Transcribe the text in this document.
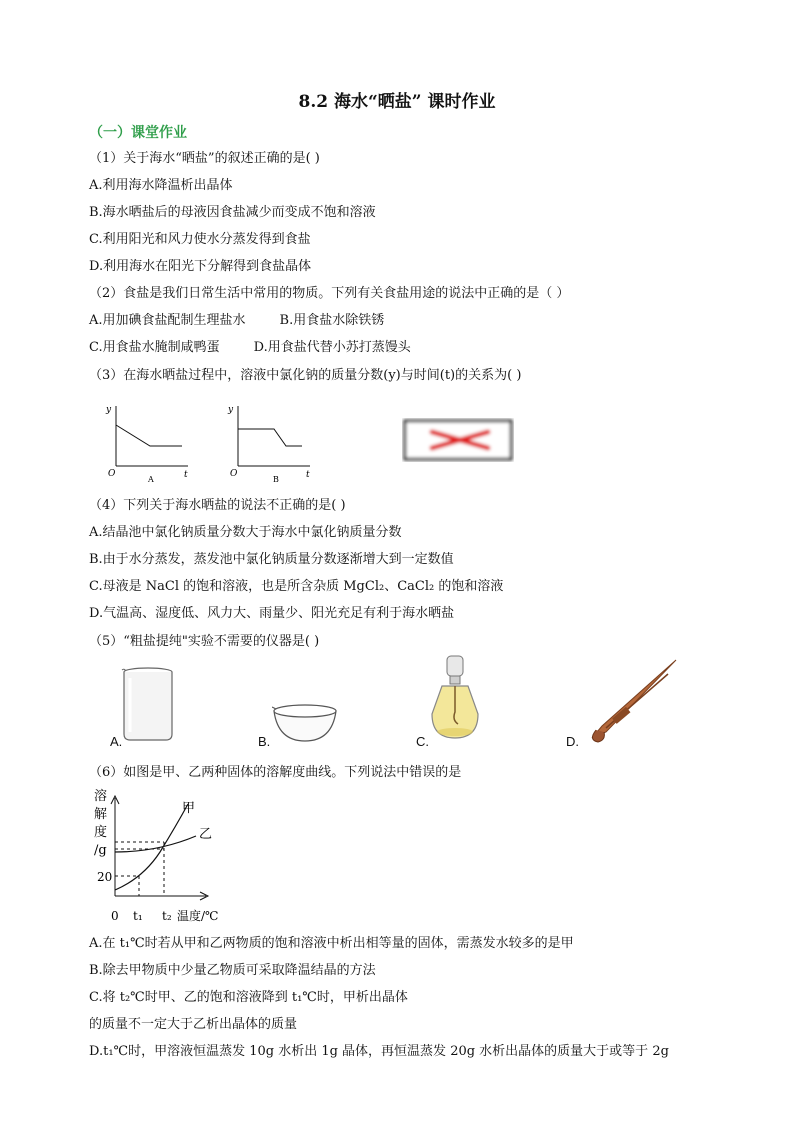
8.2 海水“晒盐” 课时作业
（一）课堂作业
（1）关于海水“晒盐”的叙述正确的是( )
A.利用海水降温析出晶体
B.海水晒盐后的母液因食盐减少而变成不饱和溶液
C.利用阳光和风力使水分蒸发得到食盐
D.利用海水在阳光下分解得到食盐晶体
（2）食盐是我们日常生活中常用的物质。下列有关食盐用途的说法中正确的是（ ）
A.用加碘食盐配制生理盐水	B.用食盐水除铁锈
C.用食盐水腌制咸鸭蛋	D.用食盐代替小苏打蒸馒头
（3）在海水晒盐过程中，溶液中氯化钠的质量分数(y)与时间(t)的关系为( )
y
O	t
A
y
O	t
B
（4）下列关于海水晒盐的说法不正确的是( )
A.结晶池中氯化钠质量分数大于海水中氯化钠质量分数
B.由于水分蒸发，蒸发池中氯化钠质量分数逐渐增大到一定数值
C.母液是 NaCl 的饱和溶液，也是所含杂质 MgCl₂、CaCl₂ 的饱和溶液
D.气温高、湿度低、风力大、雨量少、阳光充足有利于海水晒盐
（5）“粗盐提纯"实验不需要的仪器是( )
A.	B.	C.	D.
（6）如图是甲、乙两种固体的溶解度曲线。下列说法中错误的是
溶
解
度
/g
甲
乙
20
0 t₁ t₂ 温度/℃
A.在 t₁℃时若从甲和乙两物质的饱和溶液中析出相等量的固体，需蒸发水较多的是甲
B.除去甲物质中少量乙物质可采取降温结晶的方法
C.将 t₂℃时甲、乙的饱和溶液降到 t₁℃时，甲析出晶体
的质量不一定大于乙析出晶体的质量
D.t₁℃时，甲溶液恒温蒸发 10g 水析出 1g 晶体，再恒温蒸发 20g 水析出晶体的质量大于或等于 2g
